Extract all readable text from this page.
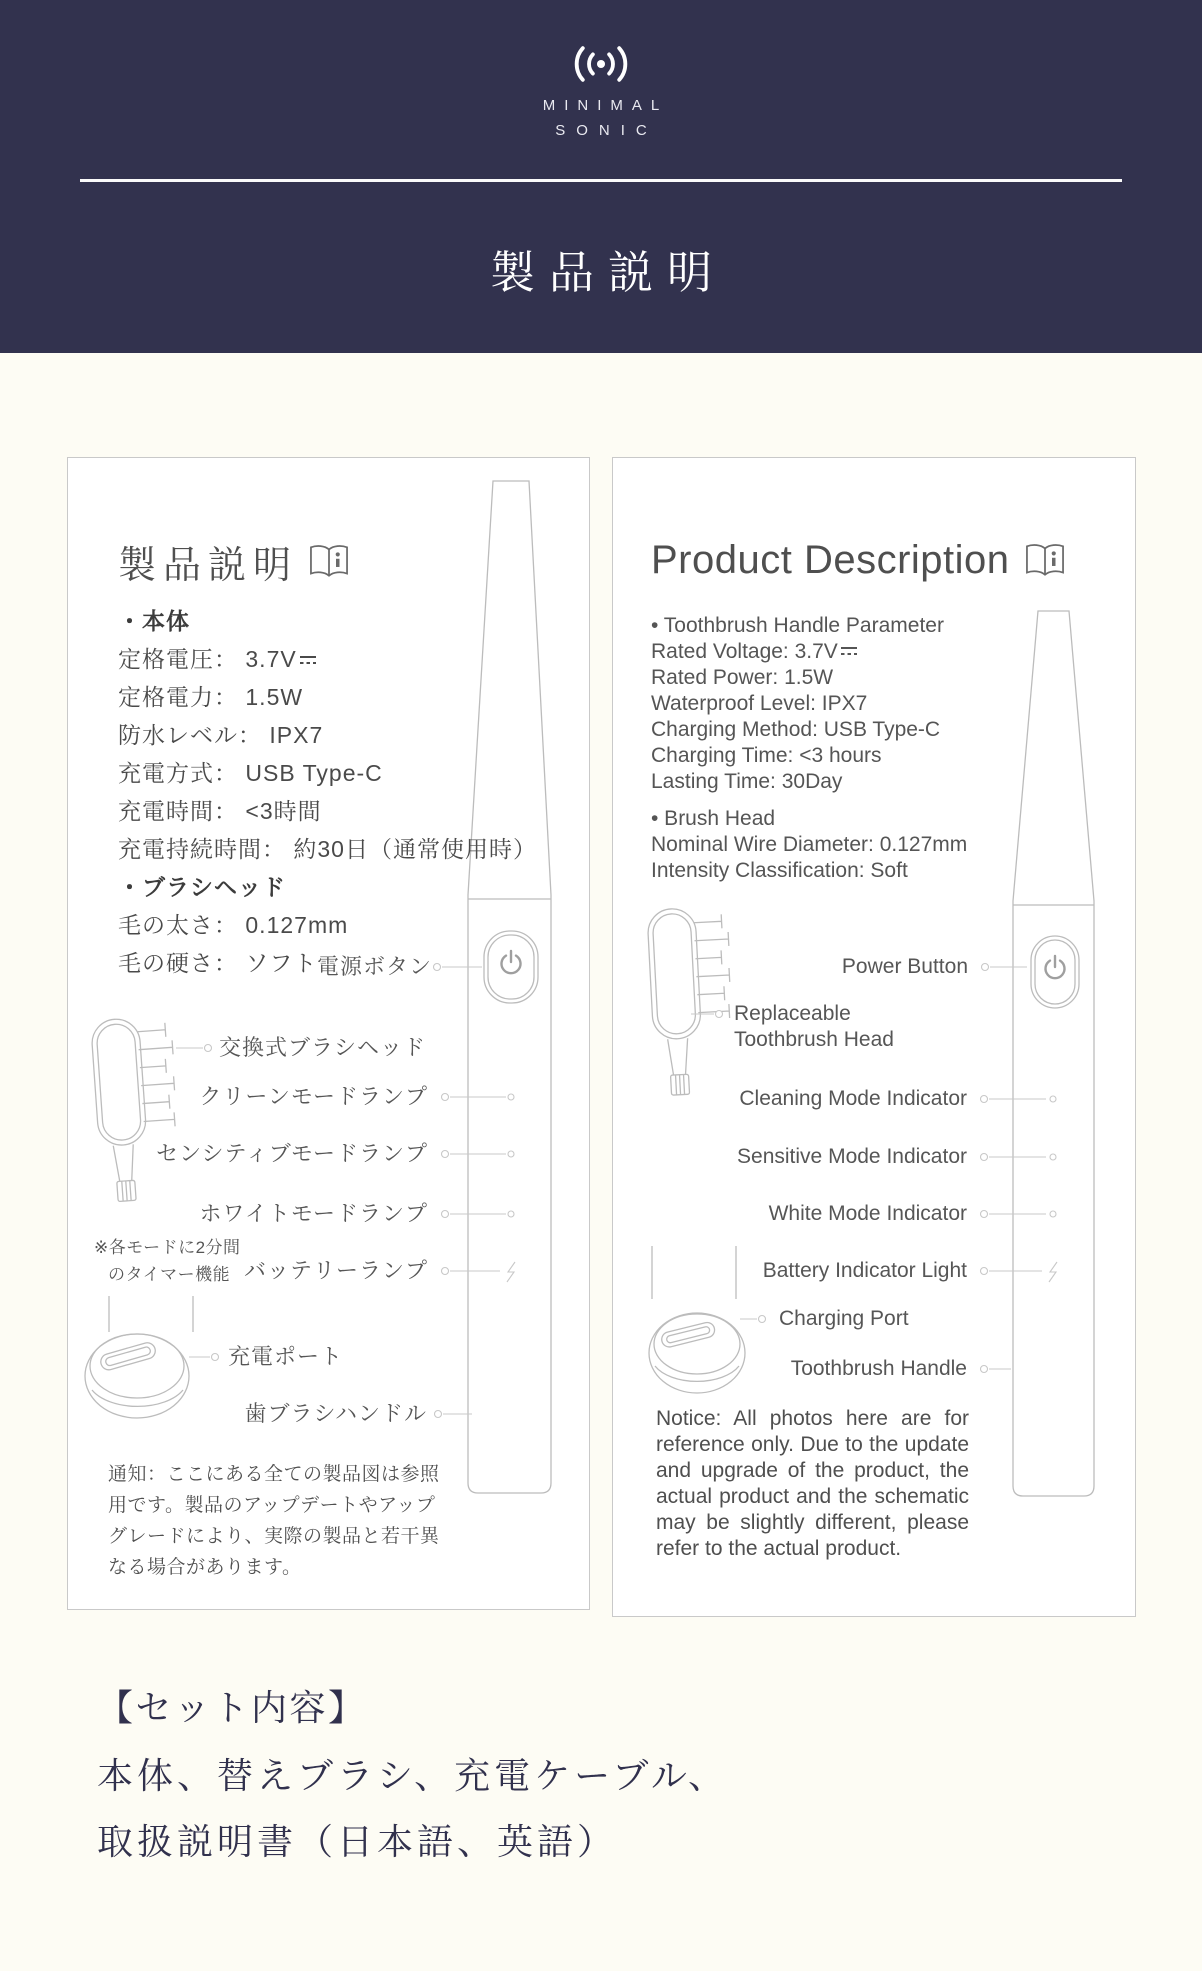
MINIMAL
SONIC
製品説明
製品説明
・本体
定格電圧： 3.7V
定格電力： 1.5W
防水レベル： IPX7
充電方式： USB Type-C
充電時間： <3時間
充電持続時間： 約30日（通常使用時）
・ブラシヘッド
毛の太さ： 0.127mm
毛の硬さ： ソフト 電源ボタン
交換式ブラシヘッド
クリーンモードランプ
センシティブモードランプ
ホワイトモードランプ
バッテリーランプ
※各モードに2分間
のタイマー機能
充電ポート
歯ブラシハンドル

通知：ここにある全ての製品図は参照用です。製品のアップデートやアップグレードにより、実際の製品と若干異なる場合があります。

Product Description
• Toothbrush Handle Parameter
Rated Voltage: 3.7V
Rated Power: 1.5W
Waterproof Level: IPX7
Charging Method: USB Type-C
Charging Time: <3 hours
Lasting Time: 30Day
• Brush Head
Nominal Wire Diameter: 0.127mm
Intensity Classification: Soft
Power Button
Replaceable
Toothbrush Head
Cleaning Mode Indicator
Sensitive Mode Indicator
White Mode Indicator
Battery Indicator Light
Charging Port
Toothbrush Handle

Notice: All photos here are for reference only. Due to the update and upgrade of the product, the actual product and the schematic may be slightly different, please refer to the actual product.

【セット内容】
本体、替えブラシ、充電ケーブル、
取扱説明書（日本語、英語）
